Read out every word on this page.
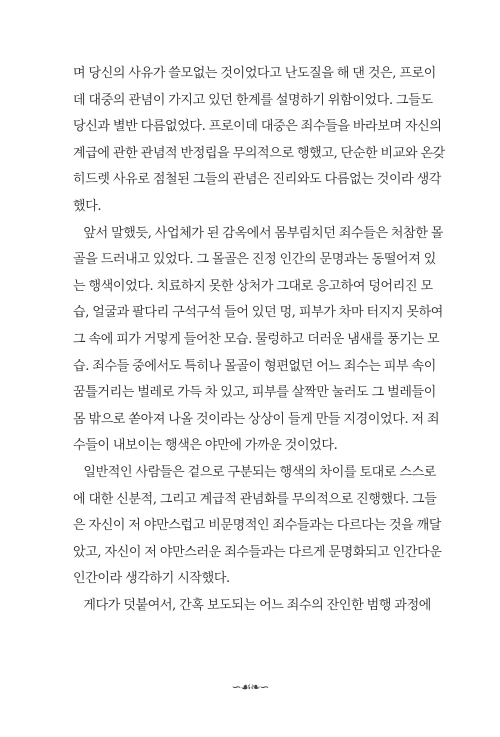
며 당신의 사유가 쓸모없는 것이었다고 난도질을 해 댄 것은, 프로이
데 대중의 관념이 가지고 있던 한계를 설명하기 위함이었다. 그들도
당신과 별반 다름없었다. 프로이데 대중은 죄수들을 바라보며 자신의
계급에 관한 관념적 반정립을 무의적으로 행했고, 단순한 비교와 온갖
히드렛 사유로 점철된 그들의 관념은 진리와도 다름없는 것이라 생각
했다.
앞서 말했듯, 사업체가 된 감옥에서 몸부림치던 죄수들은 처참한 몰
골을 드러내고 있었다. 그 몰골은 진정 인간의 문명과는 동떨어져 있
는 행색이었다. 치료하지 못한 상처가 그대로 응고하여 덩어리진 모
습, 얼굴과 팔다리 구석구석 들어 있던 멍, 피부가 차마 터지지 못하여
그 속에 피가 거멓게 들어찬 모습. 물렁하고 더러운 냄새를 풍기는 모
습. 죄수들 중에서도 특히나 몰골이 형편없던 어느 죄수는 피부 속이
꿈틀거리는 벌레로 가득 차 있고, 피부를 살짝만 눌러도 그 벌레들이
몸 밖으로 쏟아져 나올 것이라는 상상이 들게 만들 지경이었다. 저 죄
수들이 내보이는 행색은 야만에 가까운 것이었다.
일반적인 사람들은 겉으로 구분되는 행색의 차이를 토대로 스스로
에 대한 신분적, 그리고 계급적 관념화를 무의적으로 진행했다. 그들
은 자신이 저 야만스럽고 비문명적인 죄수들과는 다르다는 것을 깨달
았고, 자신이 저 야만스러운 죄수들과는 다르게 문명화되고 인간다운
인간이라 생각하기 시작했다.
게다가 덧붙여서, 간혹 보도되는 어느 죄수의 잔인한 범행 과정에
∽☙❧∽
